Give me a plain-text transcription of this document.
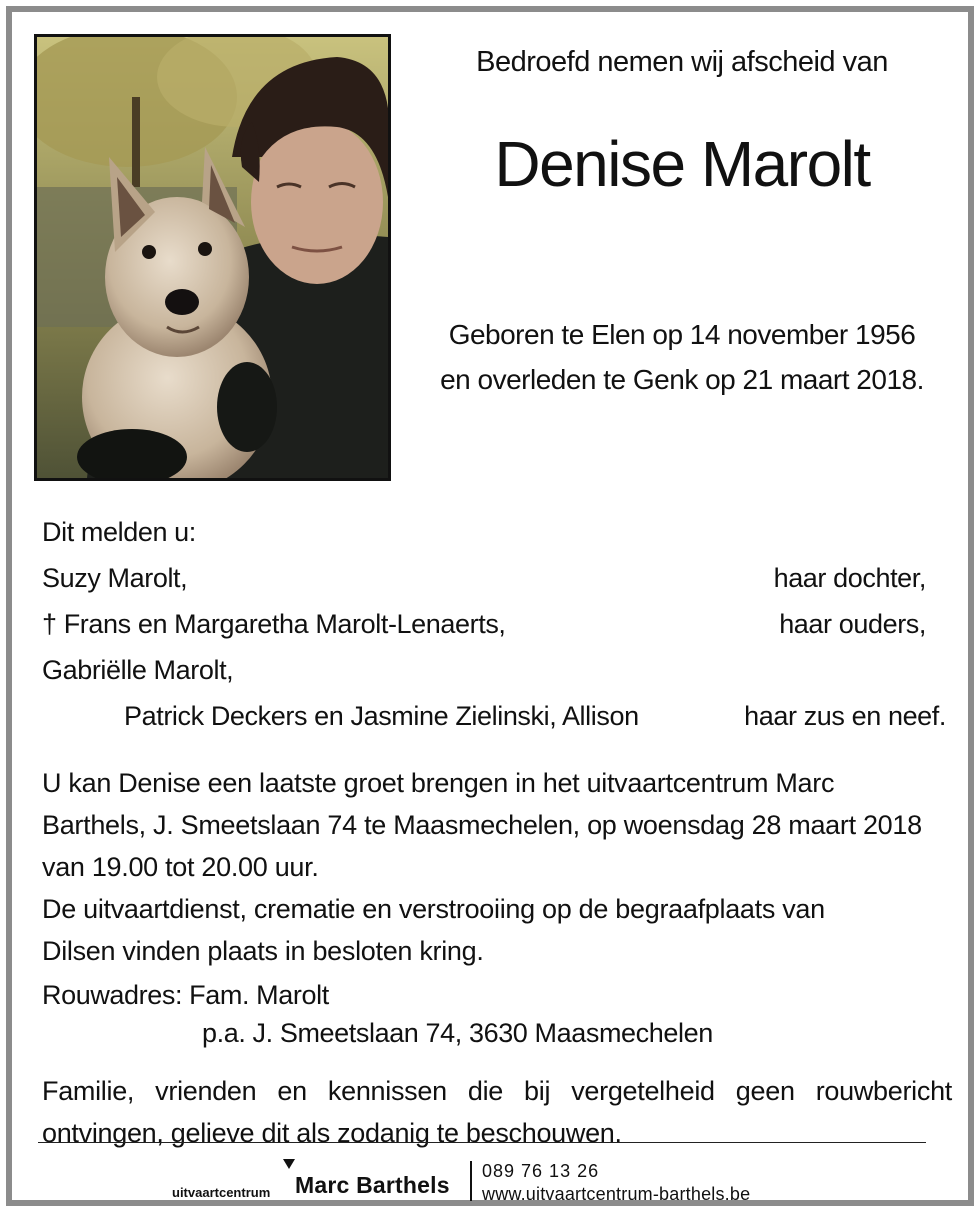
Bedroefd nemen wij afscheid van
Denise Marolt
Geboren te Elen op 14 november 1956
en overleden te Genk op 21 maart 2018.
Dit melden u:
Suzy Marolt,	haar dochter,
† Frans en Margaretha Marolt-Lenaerts,	haar ouders,
Gabriëlle Marolt,
Patrick Deckers en Jasmine Zielinski, Allison	haar zus en neef.
U kan Denise een laatste groet brengen in het uitvaartcentrum Marc
Barthels, J. Smeetslaan 74 te Maasmechelen, op woensdag 28 maart 2018
van 19.00 tot 20.00 uur.
De uitvaartdienst, crematie en verstrooiing op de begraafplaats van
Dilsen vinden plaats in besloten kring.
Rouwadres: Fam. Marolt
p.a. J. Smeetslaan 74, 3630 Maasmechelen
Familie, vrienden en kennissen die bij vergetelheid geen rouwbericht
ontvingen, gelieve dit als zodanig te beschouwen.
uitvaartcentrum Marc Barthels
089 76 13 26
www.uitvaartcentrum-barthels.be
